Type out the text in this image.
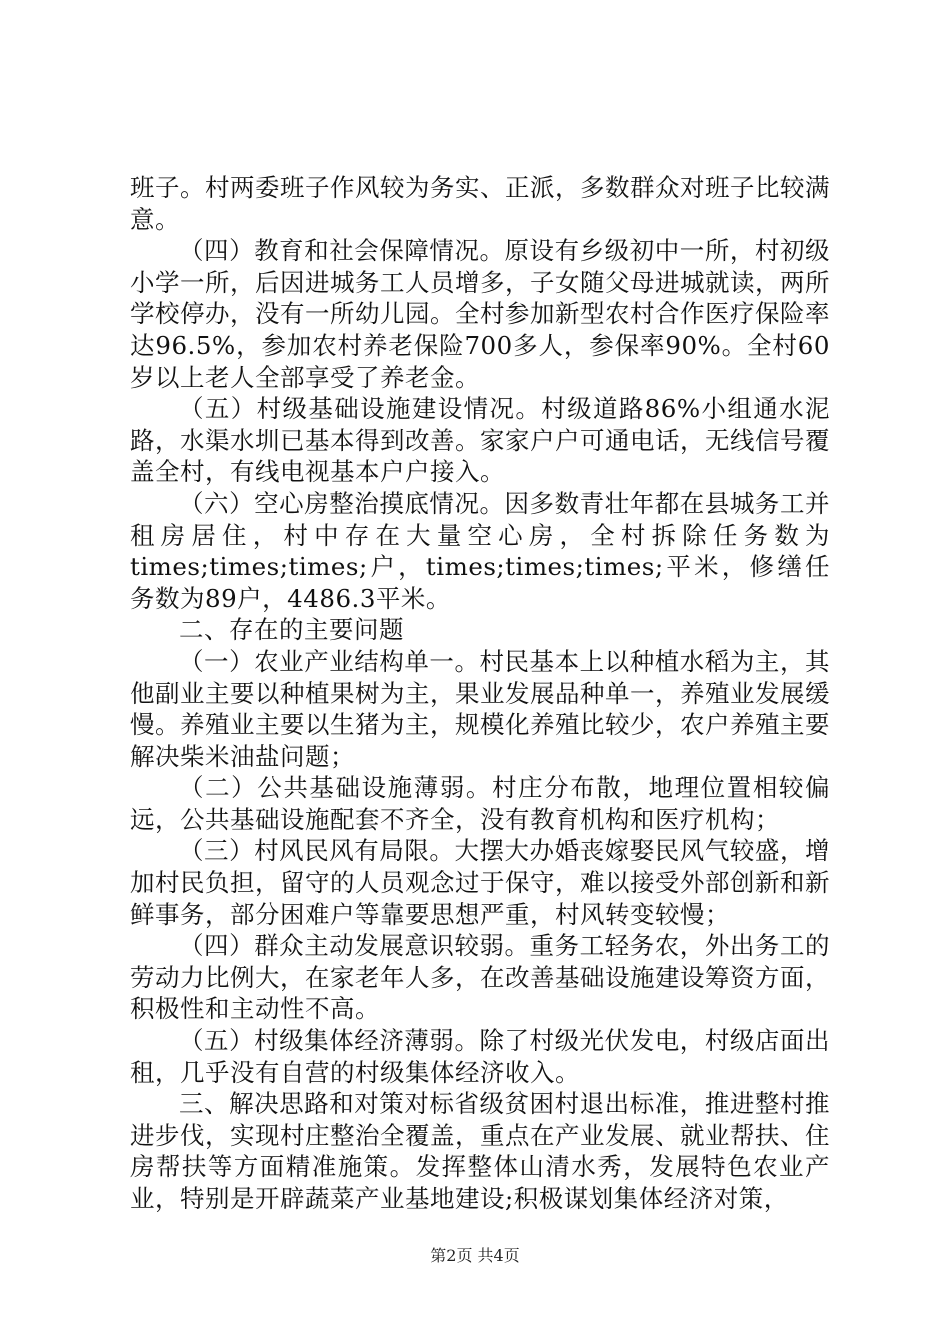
班子。村两委班子作风较为务实、正派，多数群众对班子比较满意。

（四）教育和社会保障情况。原设有乡级初中一所，村初级小学一所，后因进城务工人员增多，子女随父母进城就读，两所学校停办，没有一所幼儿园。全村参加新型农村合作医疗保险率达96.5%，参加农村养老保险700多人，参保率90%。全村60岁以上老人全部享受了养老金。

（五）村级基础设施建设情况。村级道路86%小组通水泥路，水渠水圳已基本得到改善。家家户户可通电话，无线信号覆盖全村，有线电视基本户户接入。

（六）空心房整治摸底情况。因多数青壮年都在县城务工并租房居住，村中存在大量空心房，全村拆除任务数为times;times;times;户，times;times;times;平米，修缮任务数为89户，4486.3平米。

二、存在的主要问题

（一）农业产业结构单一。村民基本上以种植水稻为主，其他副业主要以种植果树为主，果业发展品种单一，养殖业发展缓慢。养殖业主要以生猪为主，规模化养殖比较少，农户养殖主要解决柴米油盐问题；

（二）公共基础设施薄弱。村庄分布散，地理位置相较偏远，公共基础设施配套不齐全，没有教育机构和医疗机构；

（三）村风民风有局限。大摆大办婚丧嫁娶民风气较盛，增加村民负担，留守的人员观念过于保守，难以接受外部创新和新鲜事务，部分困难户等靠要思想严重，村风转变较慢；

（四）群众主动发展意识较弱。重务工轻务农，外出务工的劳动力比例大，在家老年人多，在改善基础设施建设筹资方面，积极性和主动性不高。

（五）村级集体经济薄弱。除了村级光伏发电，村级店面出租，几乎没有自营的村级集体经济收入。

三、解决思路和对策对标省级贫困村退出标准，推进整村推进步伐，实现村庄整治全覆盖，重点在产业发展、就业帮扶、住房帮扶等方面精准施策。发挥整体山清水秀，发展特色农业产业，特别是开辟蔬菜产业基地建设;积极谋划集体经济对策，

第2页 共4页
